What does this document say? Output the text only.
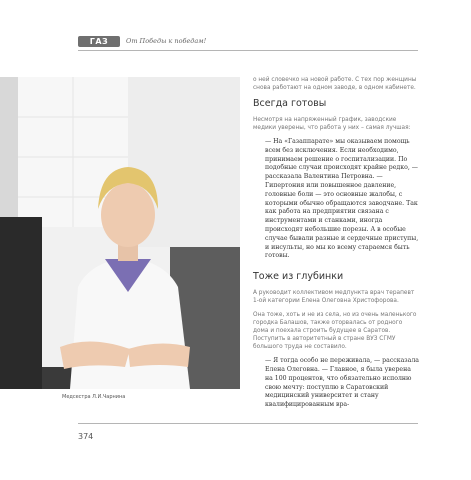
ГАЗ	От Победы к победам!
Медсестра Л.И.Чарнина

о ней словечко на новой работе. С тех пор женщины снова работают на одном заводе, в одном кабинете.

Всегда готовы

Несмотря на напряженный график, заводские медики уверены, что работа у них – самая лучшая:

— На «Газаппарате» мы оказываем помощь всем без исключения. Если необходимо, принимаем решение о госпитализации. По подобные случаи происходят крайне редко, — рассказала Валентина Петровна. — Гипертония или повышенное давление, головные боли — это основные жалобы, с которыми обычно обращаются заводчане. Так как работа на предприятии связана с инструментами и станками, иногда происходят небольшие порезы. А в особые случае бывали разные и сердечные приступы, и инсульты, но мы ко всему стараемся быть готовы.
Тоже из глубинки

А руководит коллективом медпункта врач терапевт 1-ой категории Елена Олеговна Христофорова.

Она тоже, хоть и не из села, но из очень маленького городка Балашов, также оторвалась от родного дома и поехала строить будущее в Саратов. Поступить в авторитетный в стране ВУЗ СГМУ большого труда не составило.

— Я тогда особо не переживала, — рассказала Елена Олеговна. — Главное, я была уверена на 100 процентов, что обязательно исполню свою мечту: поступлю в Саратовский медицинский университет и стану квалифицированным вра-
374
